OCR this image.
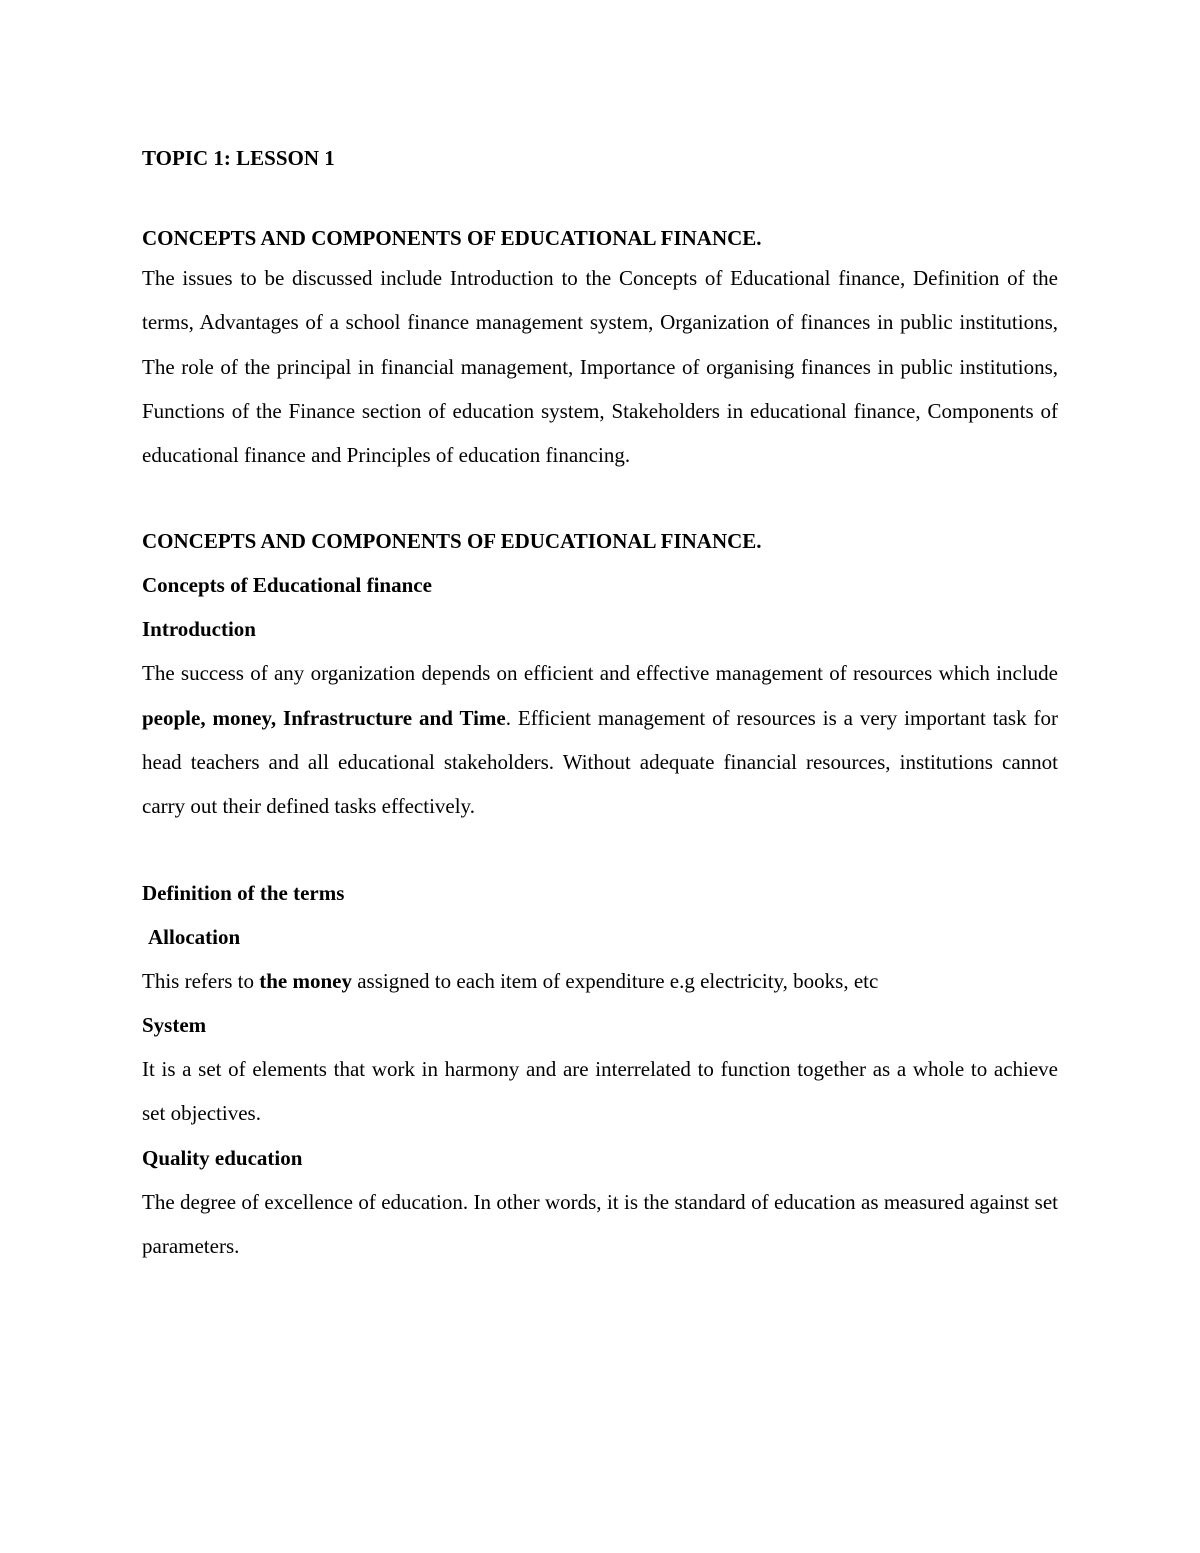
TOPIC 1: LESSON 1

CONCEPTS AND COMPONENTS OF EDUCATIONAL FINANCE.

The issues to be discussed include Introduction to the Concepts of Educational finance, Definition of the terms, Advantages of a school finance management system, Organization of finances in public institutions, The role of the principal in financial management, Importance of organising finances in public institutions, Functions of the Finance section of education system, Stakeholders in educational finance, Components of educational finance and Principles of education financing.

CONCEPTS AND COMPONENTS OF EDUCATIONAL FINANCE.

Concepts of Educational finance

Introduction

The success of any organization depends on efficient and effective management of resources which include people, money, Infrastructure and Time. Efficient management of resources is a very important task for head teachers and all educational stakeholders. Without adequate financial resources, institutions cannot carry out their defined tasks effectively.

Definition of the terms

Allocation

This refers to the money assigned to each item of expenditure e.g electricity, books, etc

System

It is a set of elements that work in harmony and are interrelated to function together as a whole to achieve set objectives.

Quality education

The degree of excellence of education. In other words, it is the standard of education as measured against set parameters.
